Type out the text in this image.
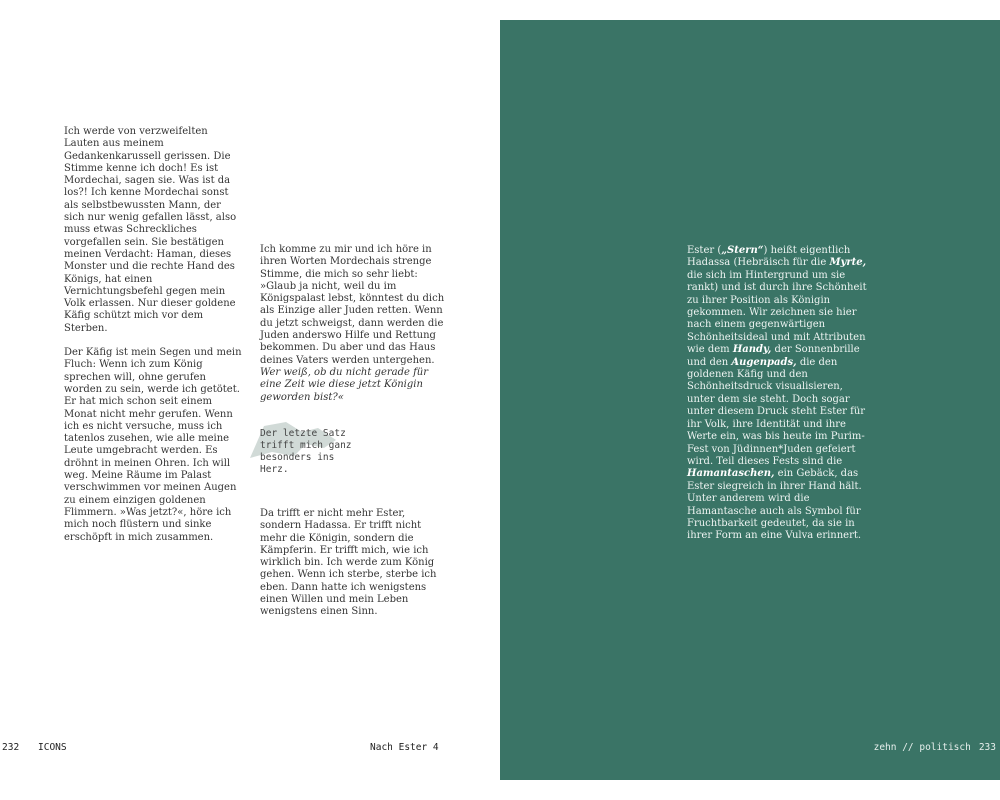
Ich werde von verzweifelten Lauten aus meinem Gedankenkarussell gerissen. Die Stimme kenne ich doch! Es ist Mordechai, sagen sie. Was ist da los?! Ich kenne Mordechai sonst als selbstbewussten Mann, der sich nur wenig gefallen lässt, also muss etwas Schreckliches vorgefallen sein. Sie bestätigen meinen Verdacht: Haman, dieses Monster und die rechte Hand des Königs, hat einen Vernichtungsbefehl gegen mein Volk erlassen. Nur dieser goldene Käfig schützt mich vor dem Sterben.

Der Käfig ist mein Segen und mein Fluch: Wenn ich zum König sprechen will, ohne gerufen worden zu sein, werde ich getötet. Er hat mich schon seit einem Monat nicht mehr gerufen. Wenn ich es nicht versuche, muss ich tatenlos zusehen, wie alle meine Leute umgebracht werden. Es dröhnt in meinen Ohren. Ich will weg. Meine Räume im Palast verschwimmen vor meinen Augen zu einem einzigen goldenen Flimmern. »Was jetzt?«, höre ich mich noch flüstern und sinke erschöpft in mich zusammen.

Ich komme zu mir und ich höre in ihren Worten Mordechais strenge Stimme, die mich so sehr liebt: »Glaub ja nicht, weil du im Königspalast lebst, könntest du dich als Einzige aller Juden retten. Wenn du jetzt schweigst, dann werden die Juden anderswo Hilfe und Rettung bekommen. Du aber und das Haus deines Vaters werden untergehen. Wer weiß, ob du nicht gerade für eine Zeit wie diese jetzt Königin geworden bist?«

Der letzte Satz
trifft mich ganz
besonders ins
Herz.

Da trifft er nicht mehr Ester, sondern Hadassa. Er trifft nicht mehr die Königin, sondern die Kämpferin. Er trifft mich, wie ich wirklich bin. Ich werde zum König gehen. Wenn ich sterbe, sterbe ich eben. Dann hatte ich wenigstens einen Willen und mein Leben wenigstens einen Sinn.

232 ICONS	Nach Ester 4
Ester („Stern“) heißt eigentlich Hadassa (Hebräisch für die Myrte, die sich im Hintergrund um sie rankt) und ist durch ihre Schönheit zu ihrer Position als Königin gekommen. Wir zeichnen sie hier nach einem gegenwärtigen Schönheitsideal und mit Attributen wie dem Handy, der Sonnenbrille und den Augenpads, die den goldenen Käfig und den Schönheitsdruck visualisieren, unter dem sie steht. Doch sogar unter diesem Druck steht Ester für ihr Volk, ihre Identität und ihre Werte ein, was bis heute im Purim-Fest von Jüdinnen*Juden gefeiert wird. Teil dieses Fests sind die Hamantaschen, ein Gebäck, das Ester siegreich in ihrer Hand hält. Unter anderem wird die Hamantasche auch als Symbol für Fruchtbarkeit gedeutet, da sie in ihrer Form an eine Vulva erinnert.
zehn // politisch 233
